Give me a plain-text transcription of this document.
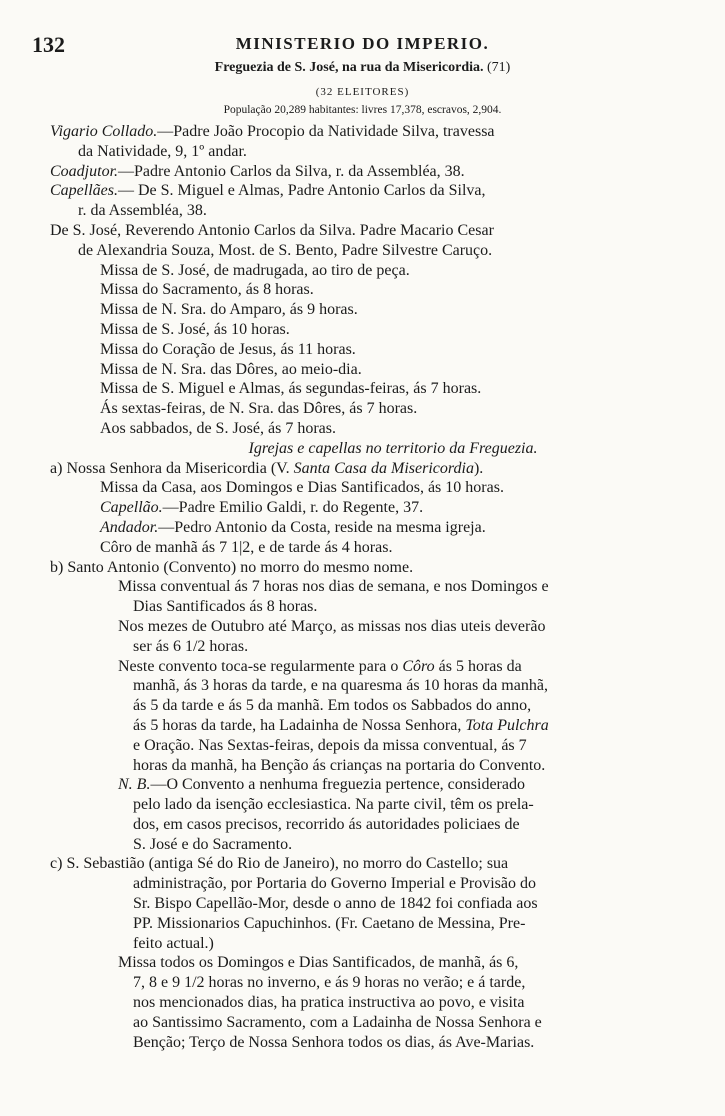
132	MINISTERIO DO IMPERIO.
Freguezia de S. José, na rua da Misericordia. (71)
(32 ELEITORES)
População 20,289 habitantes: livres 17,378, escravos, 2,904.
Vigario Collado.—Padre João Procopio da Natividade Silva, travessa
da Natividade, 9, 1º andar.
Coadjutor.—Padre Antonio Carlos da Silva, r. da Assembléa, 38.
Capellães.— De S. Miguel e Almas, Padre Antonio Carlos da Silva,
r. da Assembléa, 38.
De S. José, Reverendo Antonio Carlos da Silva. Padre Macario Cesar
de Alexandria Souza, Most. de S. Bento, Padre Silvestre Caruço.
Missa de S. José, de madrugada, ao tiro de peça.
Missa do Sacramento, ás 8 horas.
Missa de N. Sra. do Amparo, ás 9 horas.
Missa de S. José, ás 10 horas.
Missa do Coração de Jesus, ás 11 horas.
Missa de N. Sra. das Dôres, ao meio-dia.
Missa de S. Miguel e Almas, ás segundas-feiras, ás 7 horas.
Ás sextas-feiras, de N. Sra. das Dôres, ás 7 horas.
Aos sabbados, de S. José, ás 7 horas.
Igrejas e capellas no territorio da Freguezia.
a) Nossa Senhora da Misericordia (V. Santa Casa da Misericordia).
Missa da Casa, aos Domingos e Dias Santificados, ás 10 horas.
Capellão.—Padre Emilio Galdi, r. do Regente, 37.
Andador.—Pedro Antonio da Costa, reside na mesma igreja.
Côro de manhã ás 7 1|2, e de tarde ás 4 horas.
b) Santo Antonio (Convento) no morro do mesmo nome.
Missa conventual ás 7 horas nos dias de semana, e nos Domingos e
Dias Santificados ás 8 horas.
Nos mezes de Outubro até Março, as missas nos dias uteis deverão
ser ás 6 1/2 horas.
Neste convento toca-se regularmente para o Côro ás 5 horas da
manhã, ás 3 horas da tarde, e na quaresma ás 10 horas da manhã,
ás 5 da tarde e ás 5 da manhã. Em todos os Sabbados do anno,
ás 5 horas da tarde, ha Ladainha de Nossa Senhora, Tota Pulchra
e Oração. Nas Sextas-feiras, depois da missa conventual, ás 7
horas da manhã, ha Benção ás crianças na portaria do Convento.
N. B.—O Convento a nenhuma freguezia pertence, considerado
pelo lado da isenção ecclesiastica. Na parte civil, têm os prela-
dos, em casos precisos, recorrido ás autoridades policiaes de
S. José e do Sacramento.
c) S. Sebastião (antiga Sé do Rio de Janeiro), no morro do Castello; sua
administração, por Portaria do Governo Imperial e Provisão do
Sr. Bispo Capellão-Mor, desde o anno de 1842 foi confiada aos
PP. Missionarios Capuchinhos. (Fr. Caetano de Messina, Pre-
feito actual.)
Missa todos os Domingos e Dias Santificados, de manhã, ás 6,
7, 8 e 9 1/2 horas no inverno, e ás 9 horas no verão; e á tarde,
nos mencionados dias, ha pratica instructiva ao povo, e visita
ao Santissimo Sacramento, com a Ladainha de Nossa Senhora e
Benção; Terço de Nossa Senhora todos os dias, ás Ave-Marias.
